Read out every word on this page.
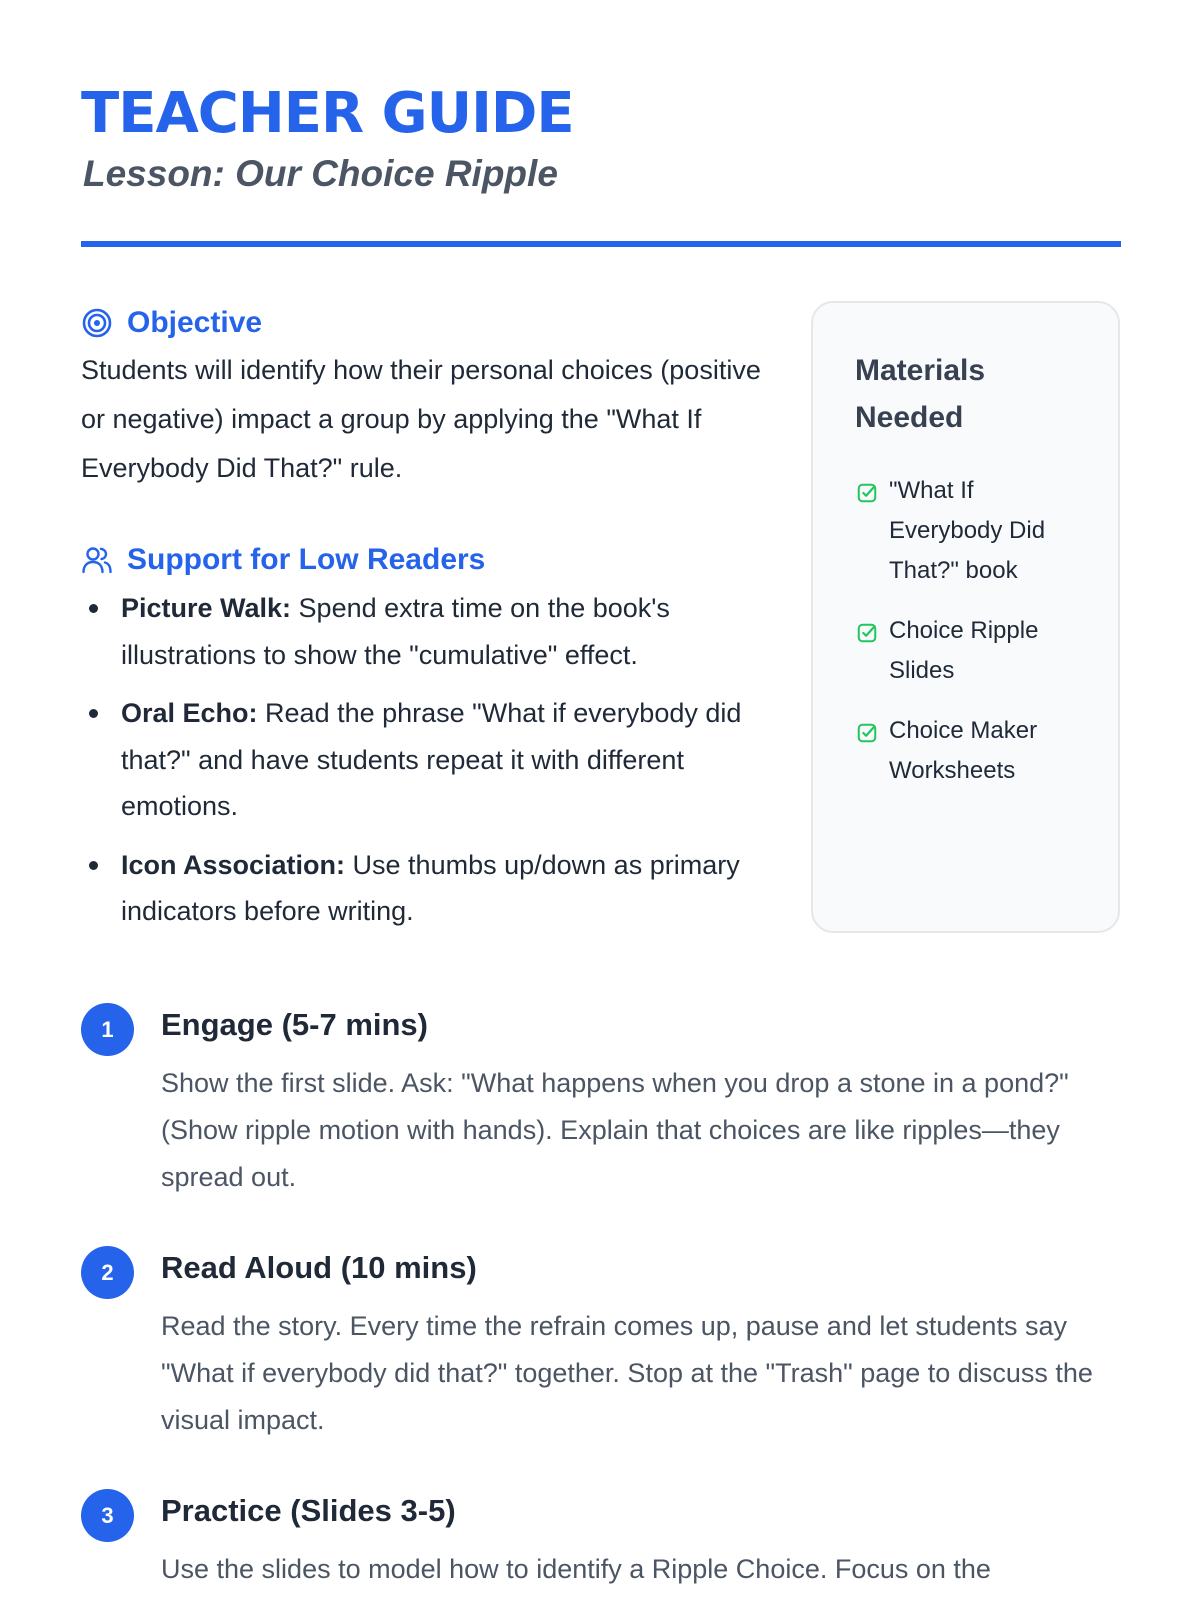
TEACHER GUIDE
Lesson: Our Choice Ripple
Objective

Students will identify how their personal choices (positive or negative) impact a group by applying the "What If Everybody Did That?" rule.

Support for Low Readers
Picture Walk: Spend extra time on the book's illustrations to show the "cumulative" effect.
Oral Echo: Read the phrase "What if everybody did that?" and have students repeat it with different emotions.
Icon Association: Use thumbs up/down as primary indicators before writing.
Materials Needed
"What If Everybody Did That?" book
Choice Ripple Slides
Choice Maker Worksheets
1	Engage (5-7 mins)

Show the first slide. Ask: "What happens when you drop a stone in a pond?" (Show ripple motion with hands). Explain that choices are like ripples—they spread out.

2	Read Aloud (10 mins)

Read the story. Every time the refrain comes up, pause and let students say "What if everybody did that?" together. Stop at the "Trash" page to discuss the visual impact.

3	Practice (Slides 3-5)

Use the slides to model how to identify a Ripple Choice. Focus on the
